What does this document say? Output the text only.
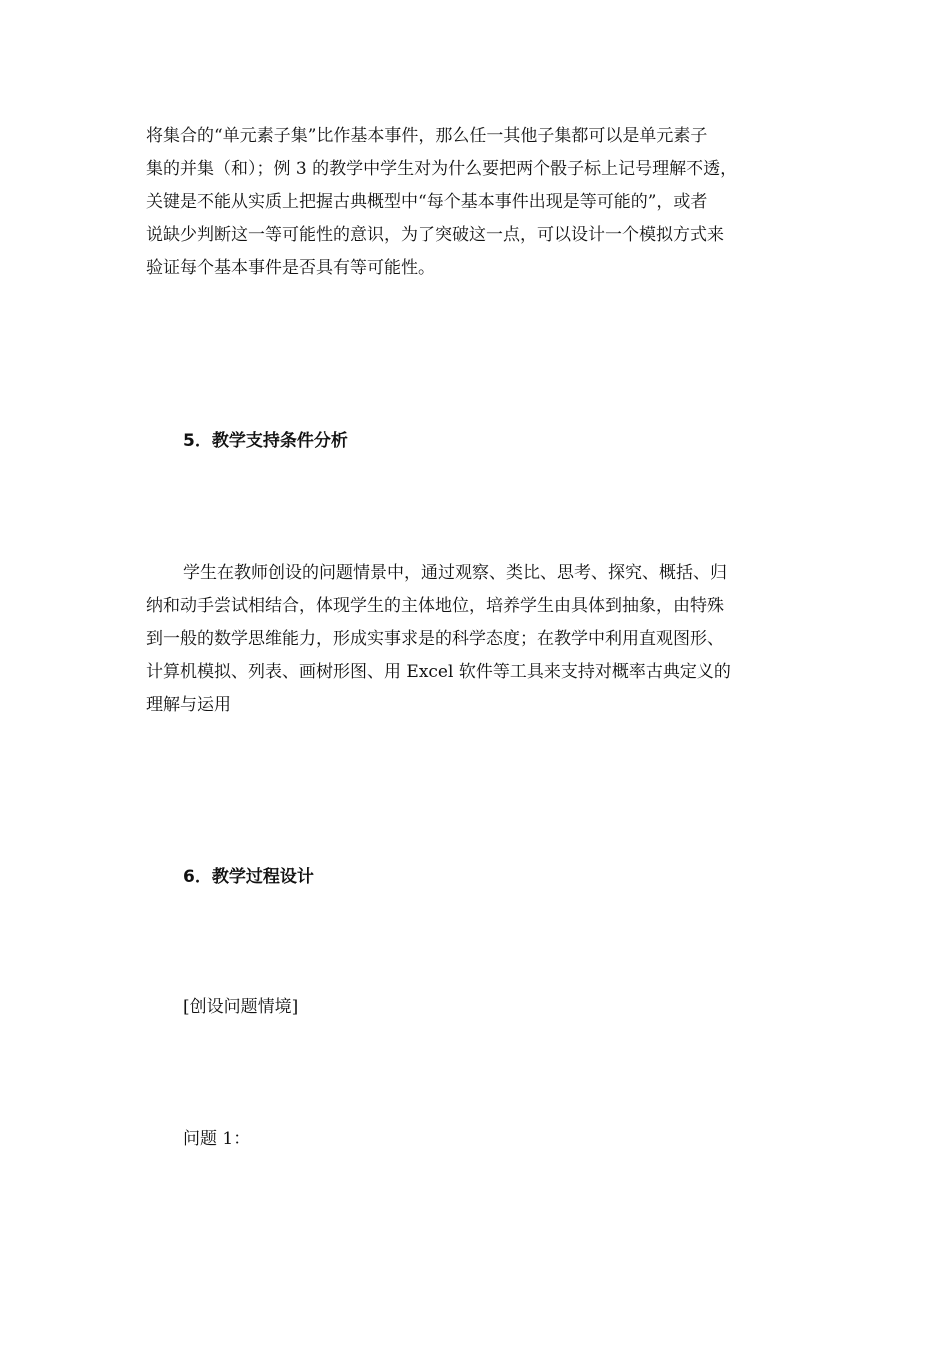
将集合的“单元素子集”比作基本事件，那么任一其他子集都可以是单元素子
集的并集（和）；例 3 的教学中学生对为什么要把两个骰子标上记号理解不透，
关键是不能从实质上把握古典概型中“每个基本事件出现是等可能的”，或者
说缺少判断这一等可能性的意识，为了突破这一点，可以设计一个模拟方式来
验证每个基本事件是否具有等可能性。

5．教学支持条件分析

学生在教师创设的问题情景中，通过观察、类比、思考、探究、概括、归
纳和动手尝试相结合，体现学生的主体地位，培养学生由具体到抽象，由特殊
到一般的数学思维能力，形成实事求是的科学态度；在教学中利用直观图形、
计算机模拟、列表、画树形图、用 Excel 软件等工具来支持对概率古典定义的
理解与运用

6．教学过程设计

[创设问题情境]

问题 1：
